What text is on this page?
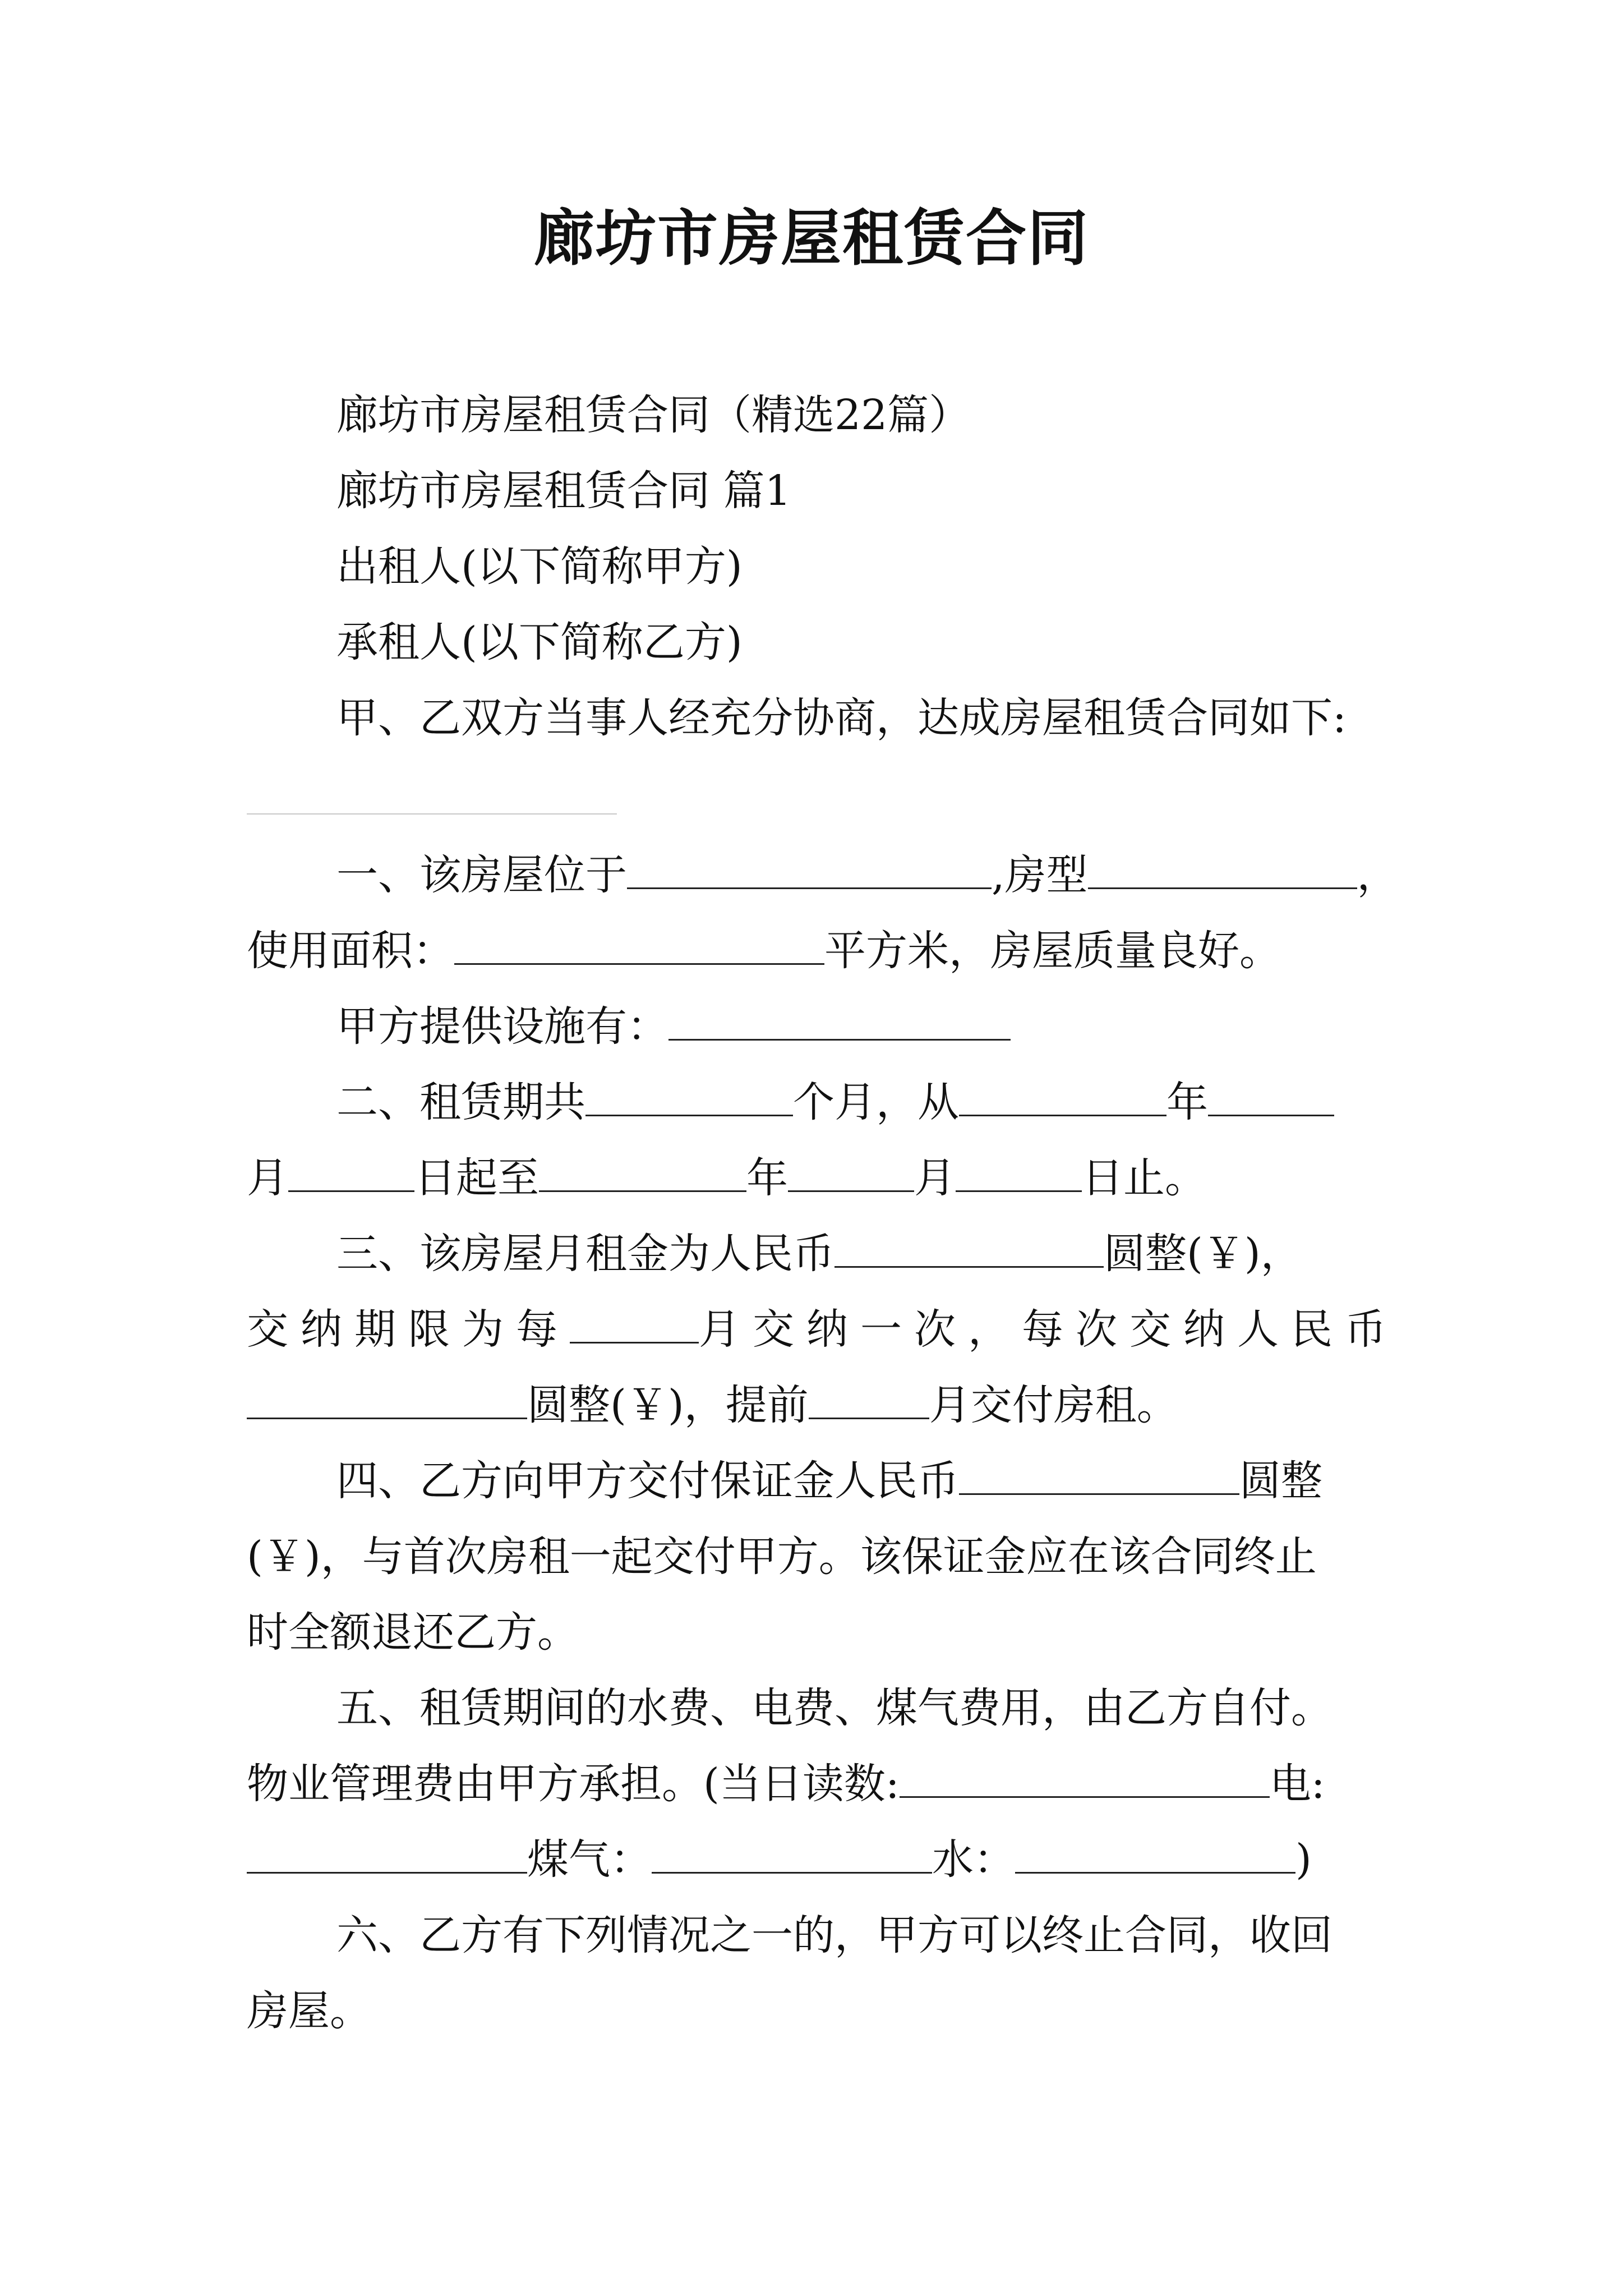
廊坊市房屋租赁合同
廊坊市房屋租赁合同（精选22篇）
廊坊市房屋租赁合同 篇1
出租人(以下简称甲方)
承租人(以下简称乙方)
甲、乙双方当事人经充分协商，达成房屋租赁合同如下:
一、该房屋位于	,房型	，
使用面积：	平方米，房屋质量良好。
甲方提供设施有：
二、租赁期共	个月，从	年
月	日起至	年	月	日止。
三、该房屋月租金为人民币	圆整(￥)，
交纳期限为每	月交纳一次，每次交纳人民币
圆整(￥)，提前	月交付房租。
四、乙方向甲方交付保证金人民币	圆整
(￥)，与首次房租一起交付甲方。该保证金应在该合同终止
时全额退还乙方。
五、租赁期间的水费、电费、煤气费用，由乙方自付。
物业管理费由甲方承担。(当日读数:	电:
煤气：	水：	)
六、乙方有下列情况之一的，甲方可以终止合同，收回
房屋。
